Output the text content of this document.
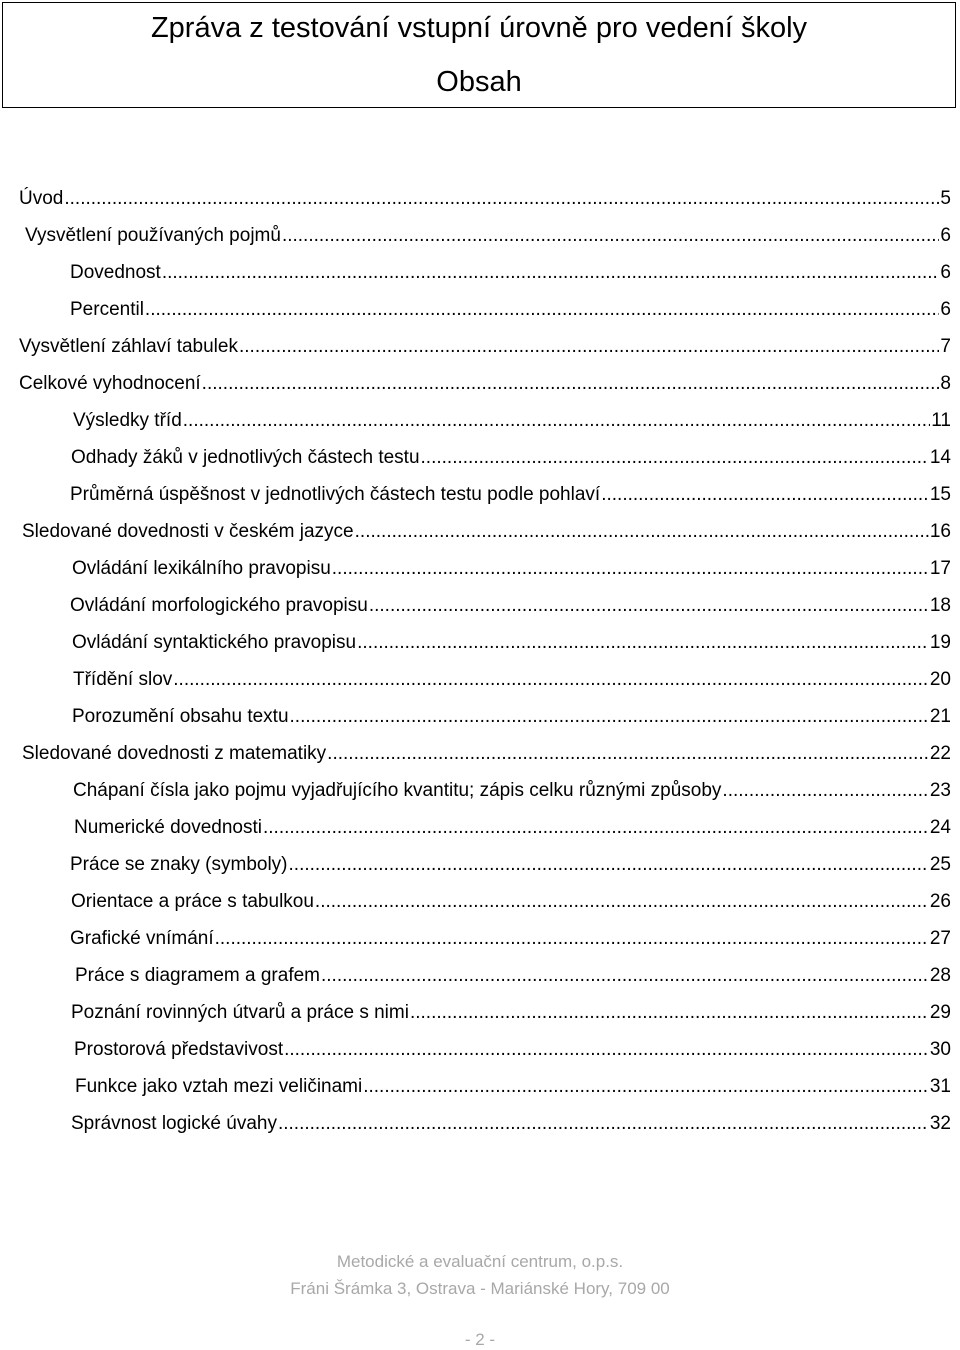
Zpráva z testování vstupní úrovně pro vedení školy
Obsah
Úvod .....	5
Vysvětlení používaných pojmů .....	6
Dovednost .....	6
Percentil .....	6
Vysvětlení záhlaví tabulek .....	7
Celkové vyhodnocení .....	8
Výsledky tříd .....	11
Odhady žáků v jednotlivých částech testu .....	14
Průměrná úspěšnost v jednotlivých částech testu podle pohlaví .....	15
Sledované dovednosti v českém jazyce .....	16
Ovládání lexikálního pravopisu .....	17
Ovládání morfologického pravopisu .....	18
Ovládání syntaktického pravopisu .....	19
Třídění slov .....	20
Porozumění obsahu textu .....	21
Sledované dovednosti z matematiky .....	22
Chápaní čísla jako pojmu vyjadřujícího kvantitu; zápis celku různými způsoby .....	23
Numerické dovednosti .....	24
Práce se znaky (symboly) .....	25
Orientace a práce s tabulkou .....	26
Grafické vnímání .....	27
Práce s diagramem a grafem .....	28
Poznání rovinných útvarů a práce s nimi .....	29
Prostorová představivost .....	30
Funkce jako vztah mezi veličinami .....	31
Správnost logické úvahy .....	32
Metodické a evaluační centrum, o.p.s.
Fráni Šrámka 3, Ostrava - Mariánské Hory, 709 00
- 2 -
